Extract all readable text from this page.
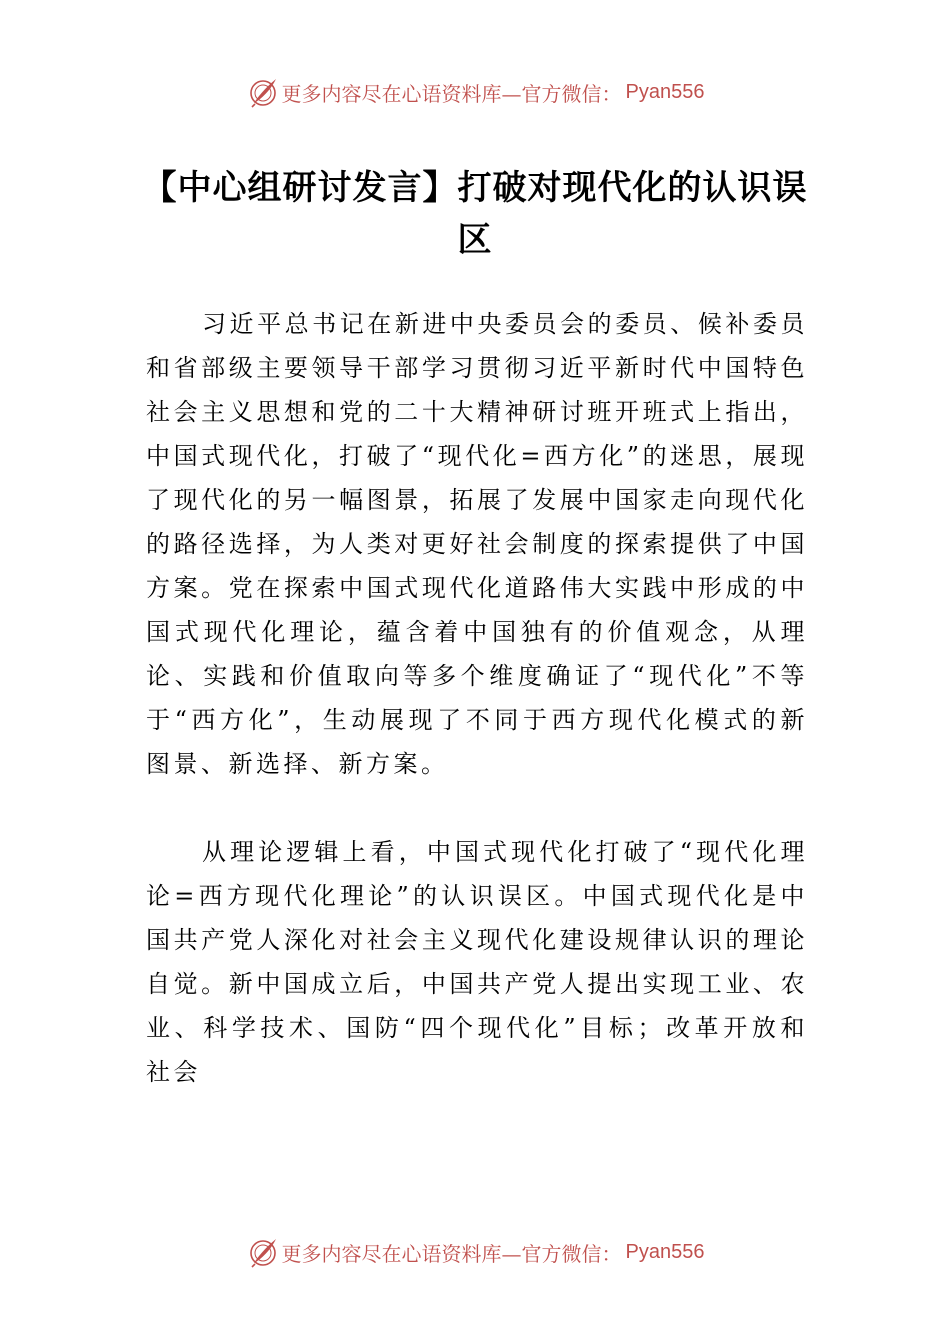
更多内容尽在心语资料库—官方微信： Pyan556
【中心组研讨发言】打破对现代化的认识误区

习近平总书记在新进中央委员会的委员、候补委员和省部级主要领导干部学习贯彻习近平新时代中国特色社会主义思想和党的二十大精神研讨班开班式上指出，中国式现代化，打破了“现代化=西方化”的迷思，展现了现代化的另一幅图景，拓展了发展中国家走向现代化的路径选择，为人类对更好社会制度的探索提供了中国方案。党在探索中国式现代化道路伟大实践中形成的中国式现代化理论，蕴含着中国独有的价值观念，从理论、实践和价值取向等多个维度确证了“现代化”不等于“西方化”，生动展现了不同于西方现代化模式的新图景、新选择、新方案。

从理论逻辑上看，中国式现代化打破了“现代化理论=西方现代化理论”的认识误区。中国式现代化是中国共产党人深化对社会主义现代化建设规律认识的理论自觉。新中国成立后，中国共产党人提出实现工业、农业、科学技术、国防“四个现代化”目标；改革开放和社会

更多内容尽在心语资料库—官方微信： Pyan556
